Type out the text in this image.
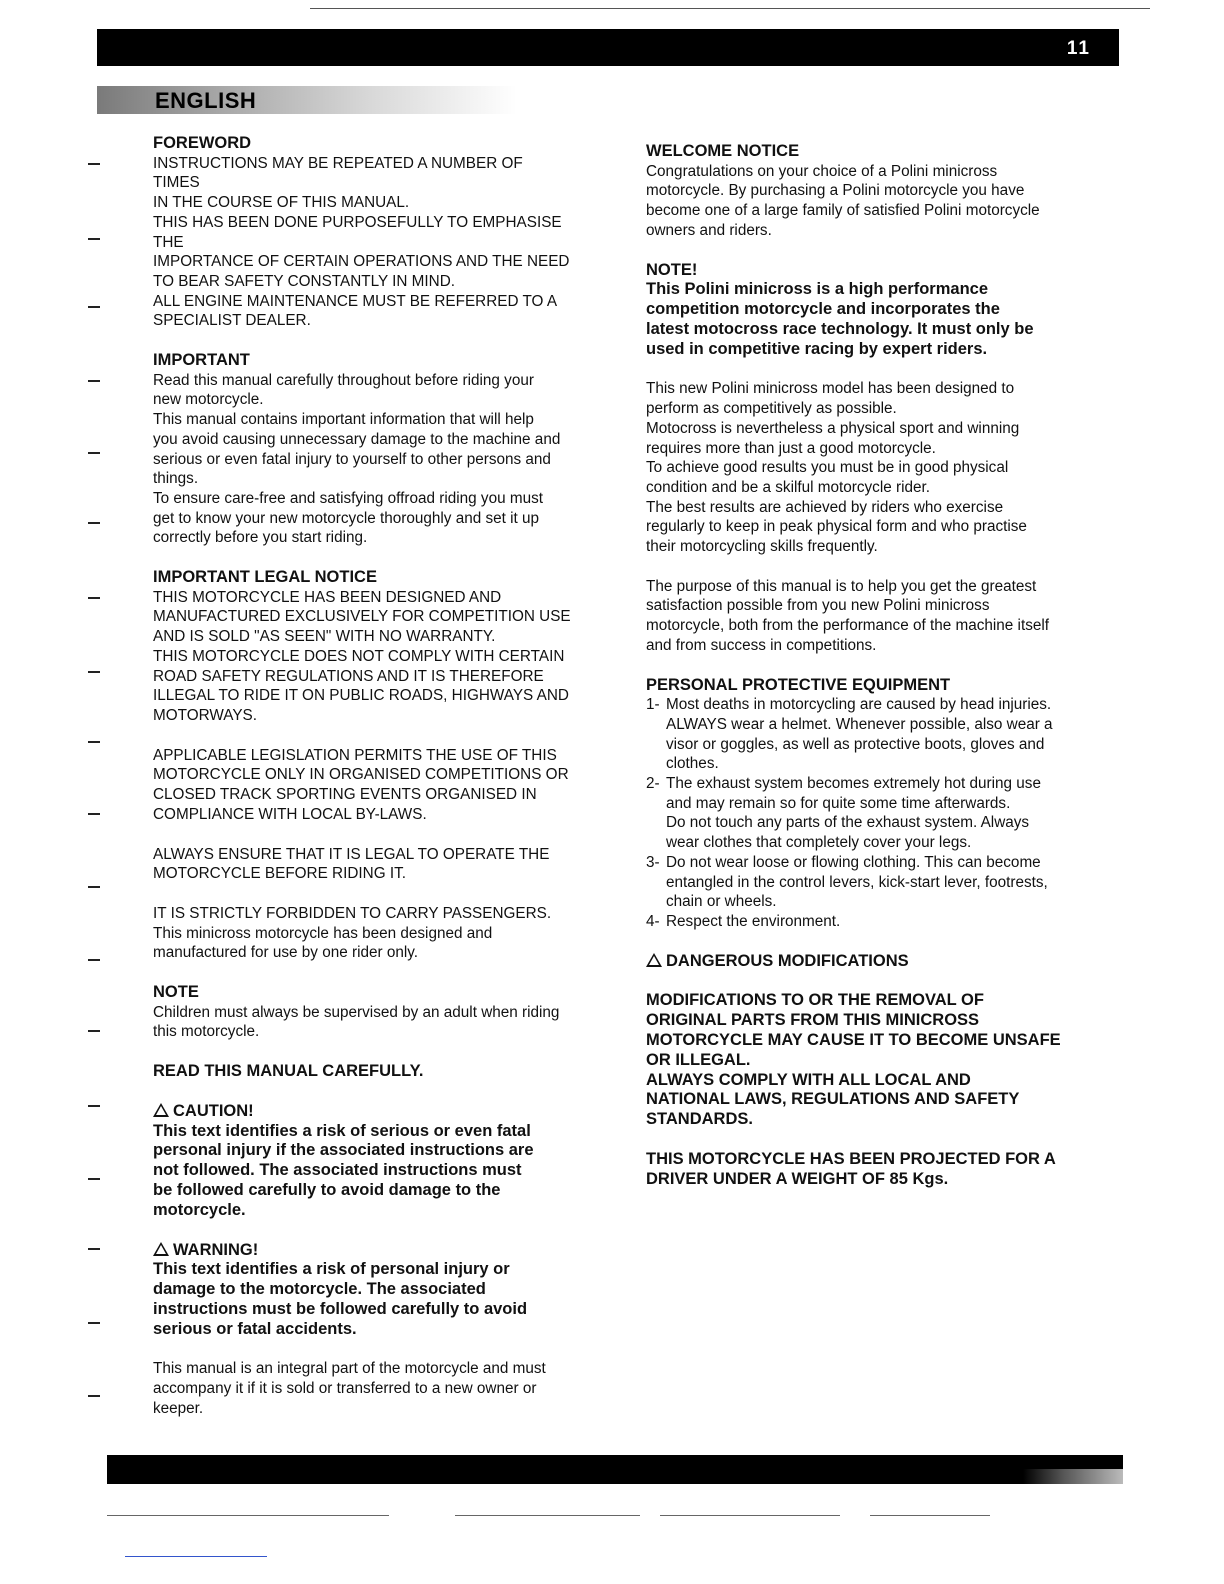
11
ENGLISH

FOREWORD

INSTRUCTIONS MAY BE REPEATED A NUMBER OF TIMES

IN THE COURSE OF THIS MANUAL.

THIS HAS BEEN DONE PURPOSEFULLY TO EMPHASISE THE

IMPORTANCE OF CERTAIN OPERATIONS AND THE NEED

TO BEAR SAFETY CONSTANTLY IN MIND.

ALL ENGINE MAINTENANCE MUST BE REFERRED TO A

SPECIALIST DEALER.

IMPORTANT

Read this manual carefully throughout before riding your

new motorcycle.

This manual contains important information that will help

you avoid causing unnecessary damage to the machine and

serious or even fatal injury to yourself to other persons and

things.

To ensure care-free and satisfying offroad riding you must

get to know your new motorcycle thoroughly and set it up

correctly before you start riding.

IMPORTANT LEGAL NOTICE

THIS MOTORCYCLE HAS BEEN DESIGNED AND

MANUFACTURED EXCLUSIVELY FOR COMPETITION USE

AND IS SOLD "AS SEEN" WITH NO WARRANTY.

THIS MOTORCYCLE DOES NOT COMPLY WITH CERTAIN

ROAD SAFETY REGULATIONS AND IT IS THEREFORE

ILLEGAL TO RIDE IT ON PUBLIC ROADS, HIGHWAYS AND

MOTORWAYS.

APPLICABLE LEGISLATION PERMITS THE USE OF THIS

MOTORCYCLE ONLY IN ORGANISED COMPETITIONS OR

CLOSED TRACK SPORTING EVENTS ORGANISED IN

COMPLIANCE WITH LOCAL BY-LAWS.

ALWAYS ENSURE THAT IT IS LEGAL TO OPERATE THE

MOTORCYCLE BEFORE RIDING IT.

IT IS STRICTLY FORBIDDEN TO CARRY PASSENGERS.

This minicross motorcycle has been designed and

manufactured for use by one rider only.

NOTE

Children must always be supervised by an adult when riding

this motorcycle.

READ THIS MANUAL CAREFULLY.

CAUTION!

This text identifies a risk of serious or even fatal

personal injury if the associated instructions are

not followed. The associated instructions must

be followed carefully to avoid damage to the

motorcycle.

WARNING!

This text identifies a risk of personal injury or

damage to the motorcycle. The associated

instructions must be followed carefully to avoid

serious or fatal accidents.

This manual is an integral part of the motorcycle and must

accompany it if it is sold or transferred to a new owner or

keeper.

WELCOME NOTICE

Congratulations on your choice of a Polini minicross

motorcycle. By purchasing a Polini motorcycle you have

become one of a large family of satisfied Polini motorcycle

owners and riders.

NOTE!

This Polini minicross is a high performance

competition motorcycle and incorporates the

latest motocross race technology. It must only be

used in competitive racing by expert riders.

This new Polini minicross model has been designed to

perform as competitively as possible.

Motocross is nevertheless a physical sport and winning

requires more than just a good motorcycle.

To achieve good results you must be in good physical

condition and be a skilful motorcycle rider.

The best results are achieved by riders who exercise

regularly to keep in peak physical form and who practise

their motorcycling skills frequently.

The purpose of this manual is to help you get the greatest

satisfaction possible from you new Polini minicross

motorcycle, both from the performance of the machine itself

and from success in competitions.

PERSONAL PROTECTIVE EQUIPMENT

1- Most deaths in motorcycling are caused by head injuries.

ALWAYS wear a helmet. Whenever possible, also wear a

visor or goggles, as well as protective boots, gloves and

clothes.

2- The exhaust system becomes extremely hot during use

and may remain so for quite some time afterwards.

Do not touch any parts of the exhaust system. Always

wear clothes that completely cover your legs.

3- Do not wear loose or flowing clothing. This can become

entangled in the control levers, kick-start lever, footrests,

chain or wheels.

4- Respect the environment.

DANGEROUS MODIFICATIONS

MODIFICATIONS TO OR THE REMOVAL OF

ORIGINAL PARTS FROM THIS MINICROSS

MOTORCYCLE MAY CAUSE IT TO BECOME UNSAFE

OR ILLEGAL.

ALWAYS COMPLY WITH ALL LOCAL AND

NATIONAL LAWS, REGULATIONS AND SAFETY

STANDARDS.

THIS MOTORCYCLE HAS BEEN PROJECTED FOR A

DRIVER UNDER A WEIGHT OF 85 Kgs.
